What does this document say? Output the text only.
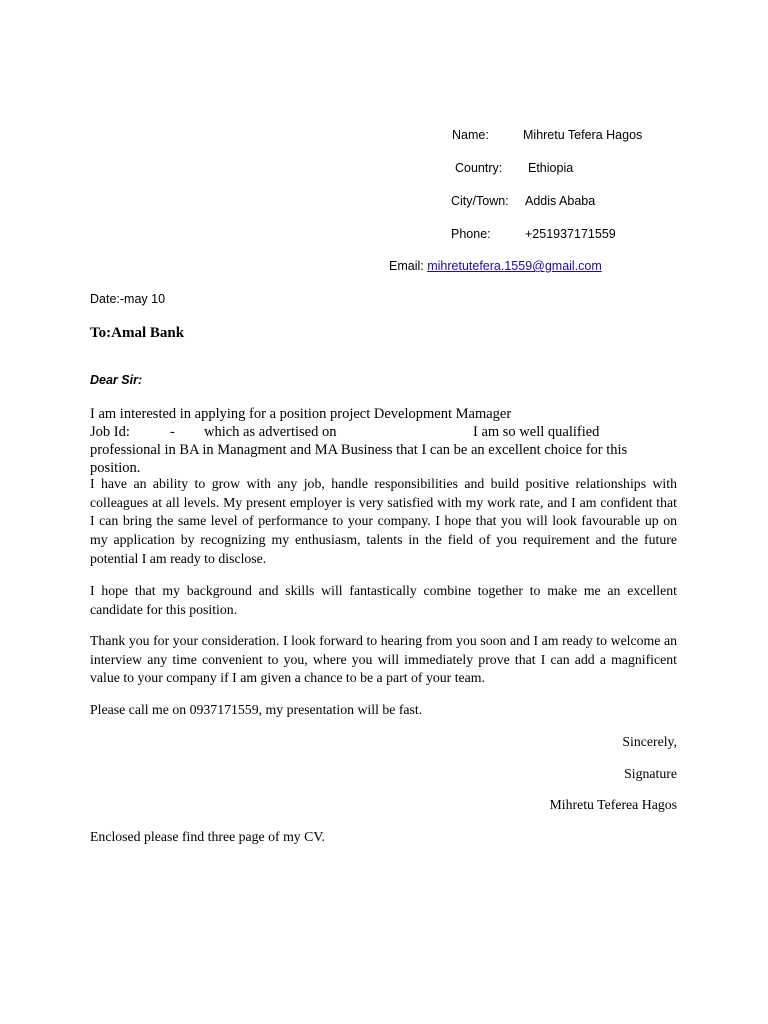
Name:	Mihretu Tefera Hagos
Country: Ethiopia
City/Town: Addis Ababa
Phone:	+251937171559
Email: mihretutefera.1559@gmail.com
Date:-may 10
To:Amal Bank
Dear Sir:
I am interested in applying for a position project Development Mamager
Job Id:	- which as advertised on	I am so well qualified
professional in BA in Managment and MA Business that I can be an excellent choice for this
position.

I have an ability to grow with any job, handle responsibilities and build positive relationships with colleagues at all levels. My present employer is very satisfied with my work rate, and I am confident that I can bring the same level of performance to your company. I hope that you will look favourable up on my application by recognizing my enthusiasm, talents in the field of you requirement and the future potential I am ready to disclose.

I hope that my background and skills will fantastically combine together to make me an excellent candidate for this position.

Thank you for your consideration. I look forward to hearing from you soon and I am ready to welcome an interview any time convenient to you, where you will immediately prove that I can add a magnificent value to your company if I am given a chance to be a part of your team.

Please call me on 0937171559, my presentation will be fast.

Sincerely,
Signature
Mihretu Teferea Hagos
Enclosed please find three page of my CV.
